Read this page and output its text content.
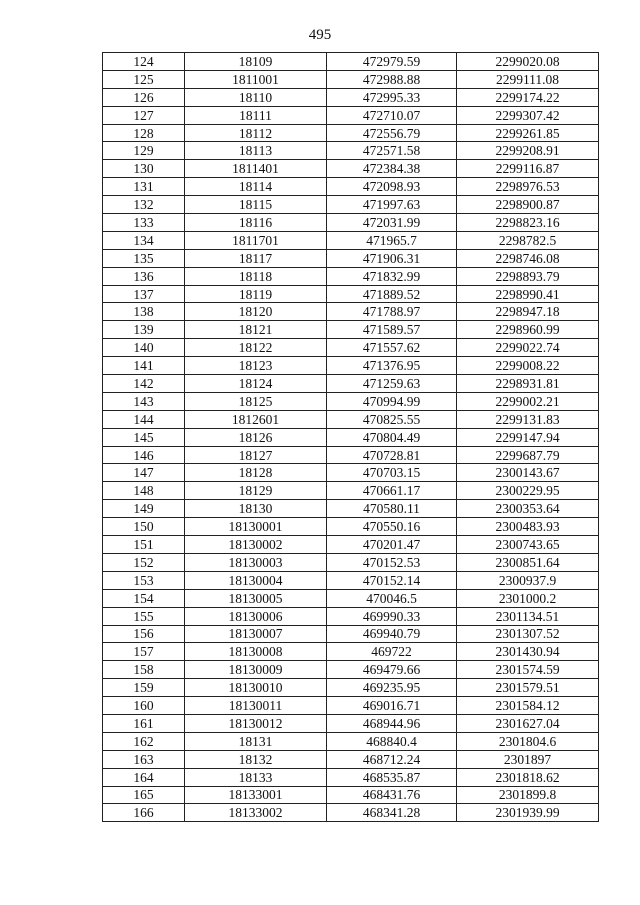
495
124	18109	472979.59	2299020.08
125	1811001	472988.88	2299111.08
126	18110	472995.33	2299174.22
127	18111	472710.07	2299307.42
128	18112	472556.79	2299261.85
129	18113	472571.58	2299208.91
130	1811401	472384.38	2299116.87
131	18114	472098.93	2298976.53
132	18115	471997.63	2298900.87
133	18116	472031.99	2298823.16
134	1811701	471965.7	2298782.5
135	18117	471906.31	2298746.08
136	18118	471832.99	2298893.79
137	18119	471889.52	2298990.41
138	18120	471788.97	2298947.18
139	18121	471589.57	2298960.99
140	18122	471557.62	2299022.74
141	18123	471376.95	2299008.22
142	18124	471259.63	2298931.81
143	18125	470994.99	2299002.21
144	1812601	470825.55	2299131.83
145	18126	470804.49	2299147.94
146	18127	470728.81	2299687.79
147	18128	470703.15	2300143.67
148	18129	470661.17	2300229.95
149	18130	470580.11	2300353.64
150	18130001	470550.16	2300483.93
151	18130002	470201.47	2300743.65
152	18130003	470152.53	2300851.64
153	18130004	470152.14	2300937.9
154	18130005	470046.5	2301000.2
155	18130006	469990.33	2301134.51
156	18130007	469940.79	2301307.52
157	18130008	469722	2301430.94
158	18130009	469479.66	2301574.59
159	18130010	469235.95	2301579.51
160	18130011	469016.71	2301584.12
161	18130012	468944.96	2301627.04
162	18131	468840.4	2301804.6
163	18132	468712.24	2301897
164	18133	468535.87	2301818.62
165	18133001	468431.76	2301899.8
166	18133002	468341.28	2301939.99
